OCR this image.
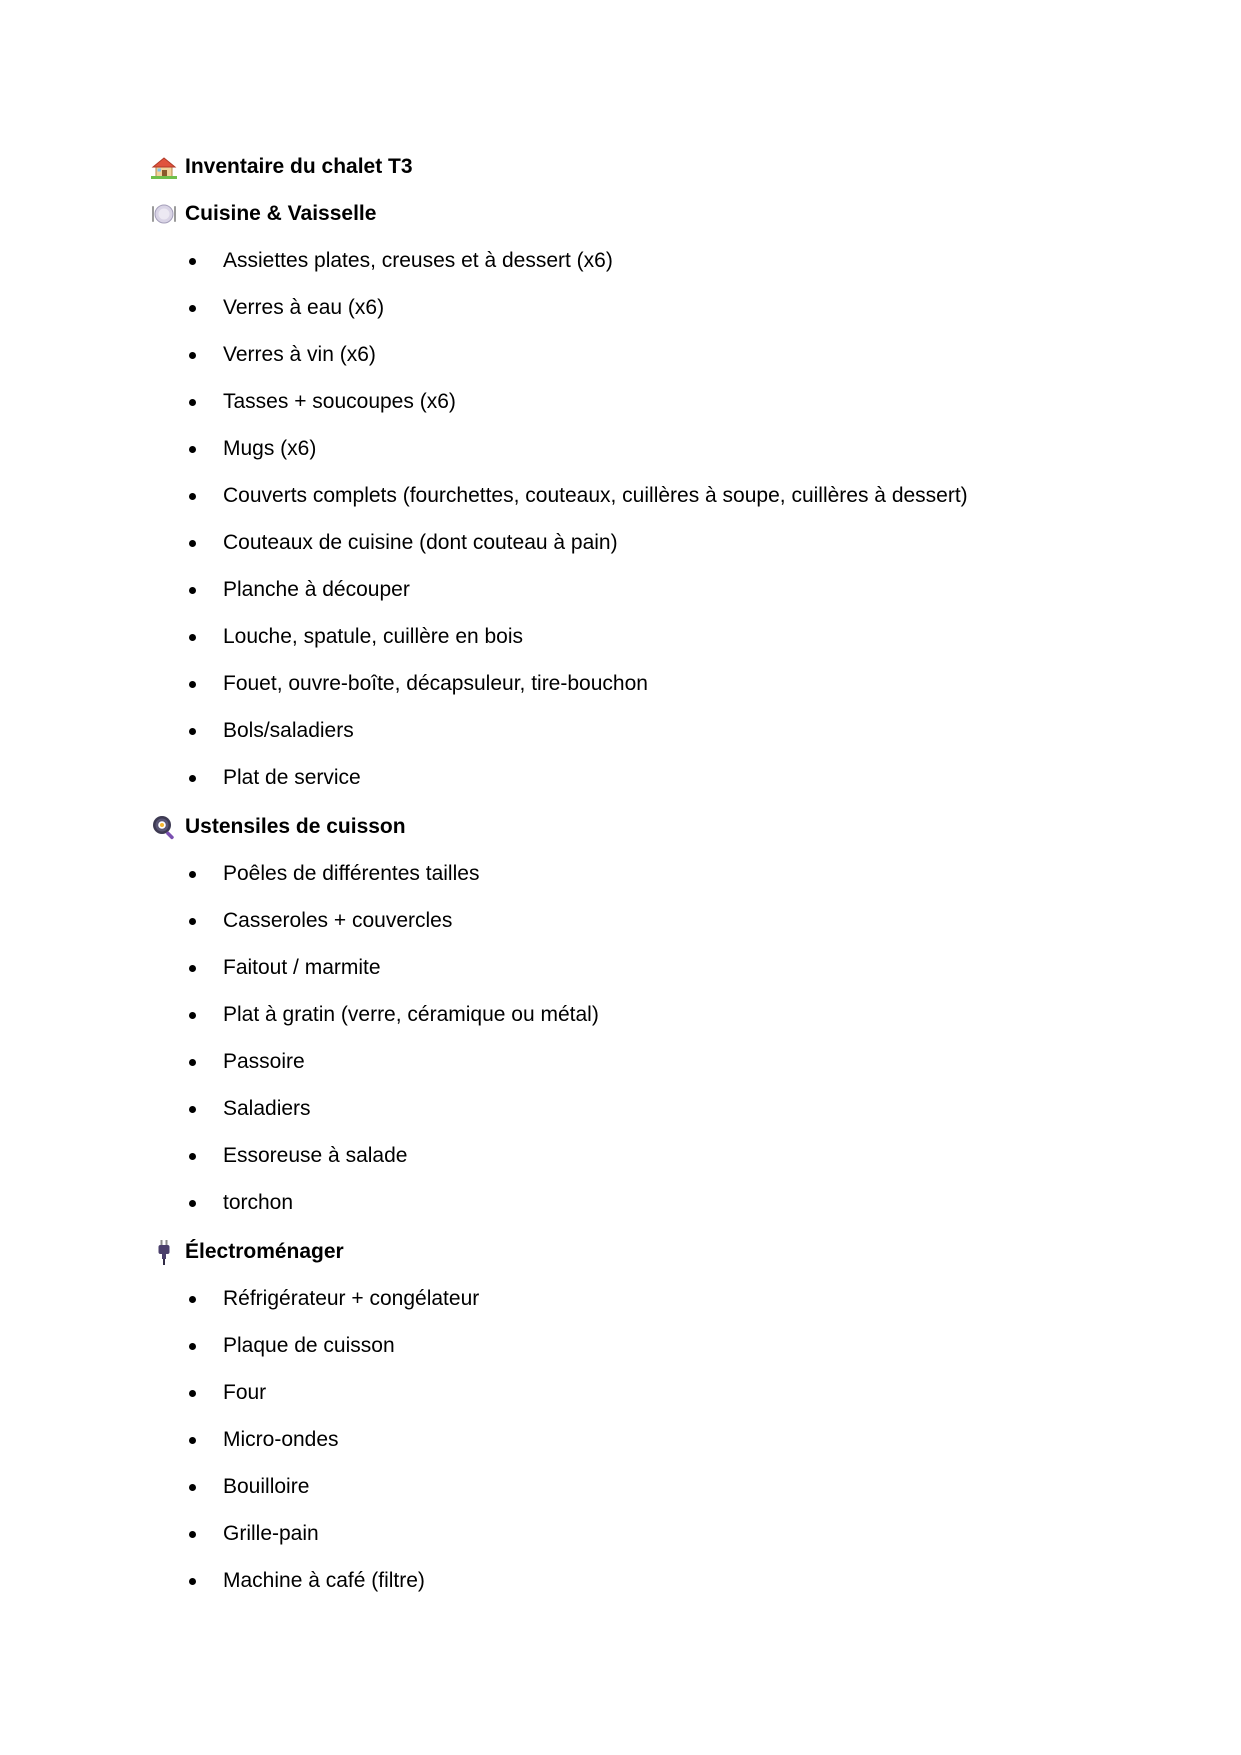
Inventaire du chalet T3
Cuisine & Vaisselle
Assiettes plates, creuses et à dessert (x6)
Verres à eau (x6)
Verres à vin (x6)
Tasses + soucoupes (x6)
Mugs (x6)
Couverts complets (fourchettes, couteaux, cuillères à soupe, cuillères à dessert)
Couteaux de cuisine (dont couteau à pain)
Planche à découper
Louche, spatule, cuillère en bois
Fouet, ouvre-boîte, décapsuleur, tire-bouchon
Bols/saladiers
Plat de service
Ustensiles de cuisson
Poêles de différentes tailles
Casseroles + couvercles
Faitout / marmite
Plat à gratin (verre, céramique ou métal)
Passoire
Saladiers
Essoreuse à salade
torchon
Électroménager
Réfrigérateur + congélateur
Plaque de cuisson
Four
Micro-ondes
Bouilloire
Grille-pain
Machine à café (filtre)
